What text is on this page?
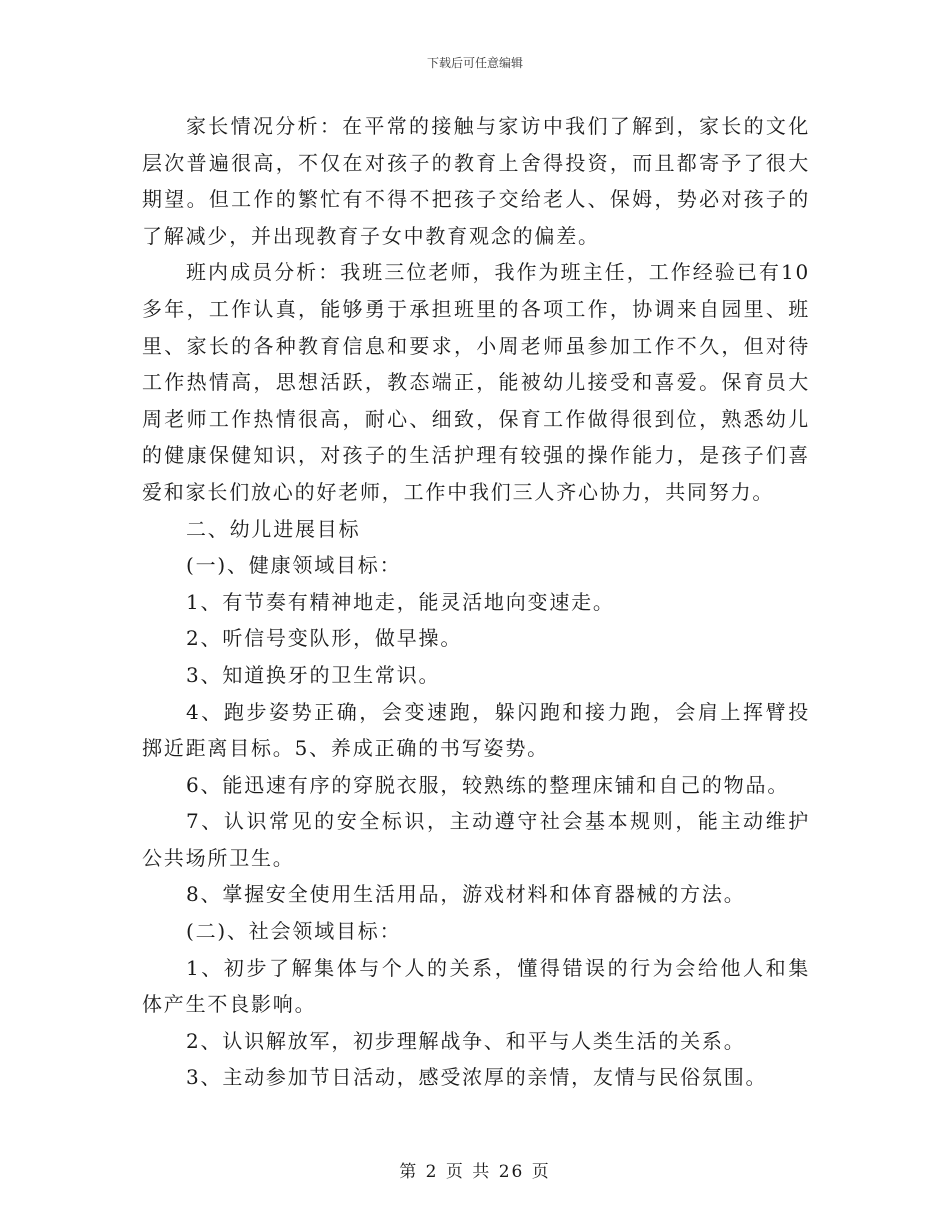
下载后可任意编辑

家长情况分析：在平常的接触与家访中我们了解到，家长的文化层次普遍很高，不仅在对孩子的教育上舍得投资，而且都寄予了很大期望。但工作的繁忙有不得不把孩子交给老人、保姆，势必对孩子的了解减少，并出现教育子女中教育观念的偏差。

班内成员分析：我班三位老师，我作为班主任，工作经验已有10多年，工作认真，能够勇于承担班里的各项工作，协调来自园里、班里、家长的各种教育信息和要求，小周老师虽参加工作不久，但对待工作热情高，思想活跃，教态端正，能被幼儿接受和喜爱。保育员大周老师工作热情很高，耐心、细致，保育工作做得很到位，熟悉幼儿的健康保健知识，对孩子的生活护理有较强的操作能力，是孩子们喜爱和家长们放心的好老师，工作中我们三人齐心协力，共同努力。

二、幼儿进展目标

(一)、健康领域目标：

1、有节奏有精神地走，能灵活地向变速走。

2、听信号变队形，做早操。

3、知道换牙的卫生常识。

4、跑步姿势正确，会变速跑，躲闪跑和接力跑，会肩上挥臂投掷近距离目标。5、养成正确的书写姿势。

6、能迅速有序的穿脱衣服，较熟练的整理床铺和自己的物品。

7、认识常见的安全标识，主动遵守社会基本规则，能主动维护公共场所卫生。

8、掌握安全使用生活用品，游戏材料和体育器械的方法。

(二)、社会领域目标：

1、初步了解集体与个人的关系，懂得错误的行为会给他人和集体产生不良影响。

2、认识解放军，初步理解战争、和平与人类生活的关系。

3、主动参加节日活动，感受浓厚的亲情，友情与民俗氛围。

第 2 页 共 26 页
